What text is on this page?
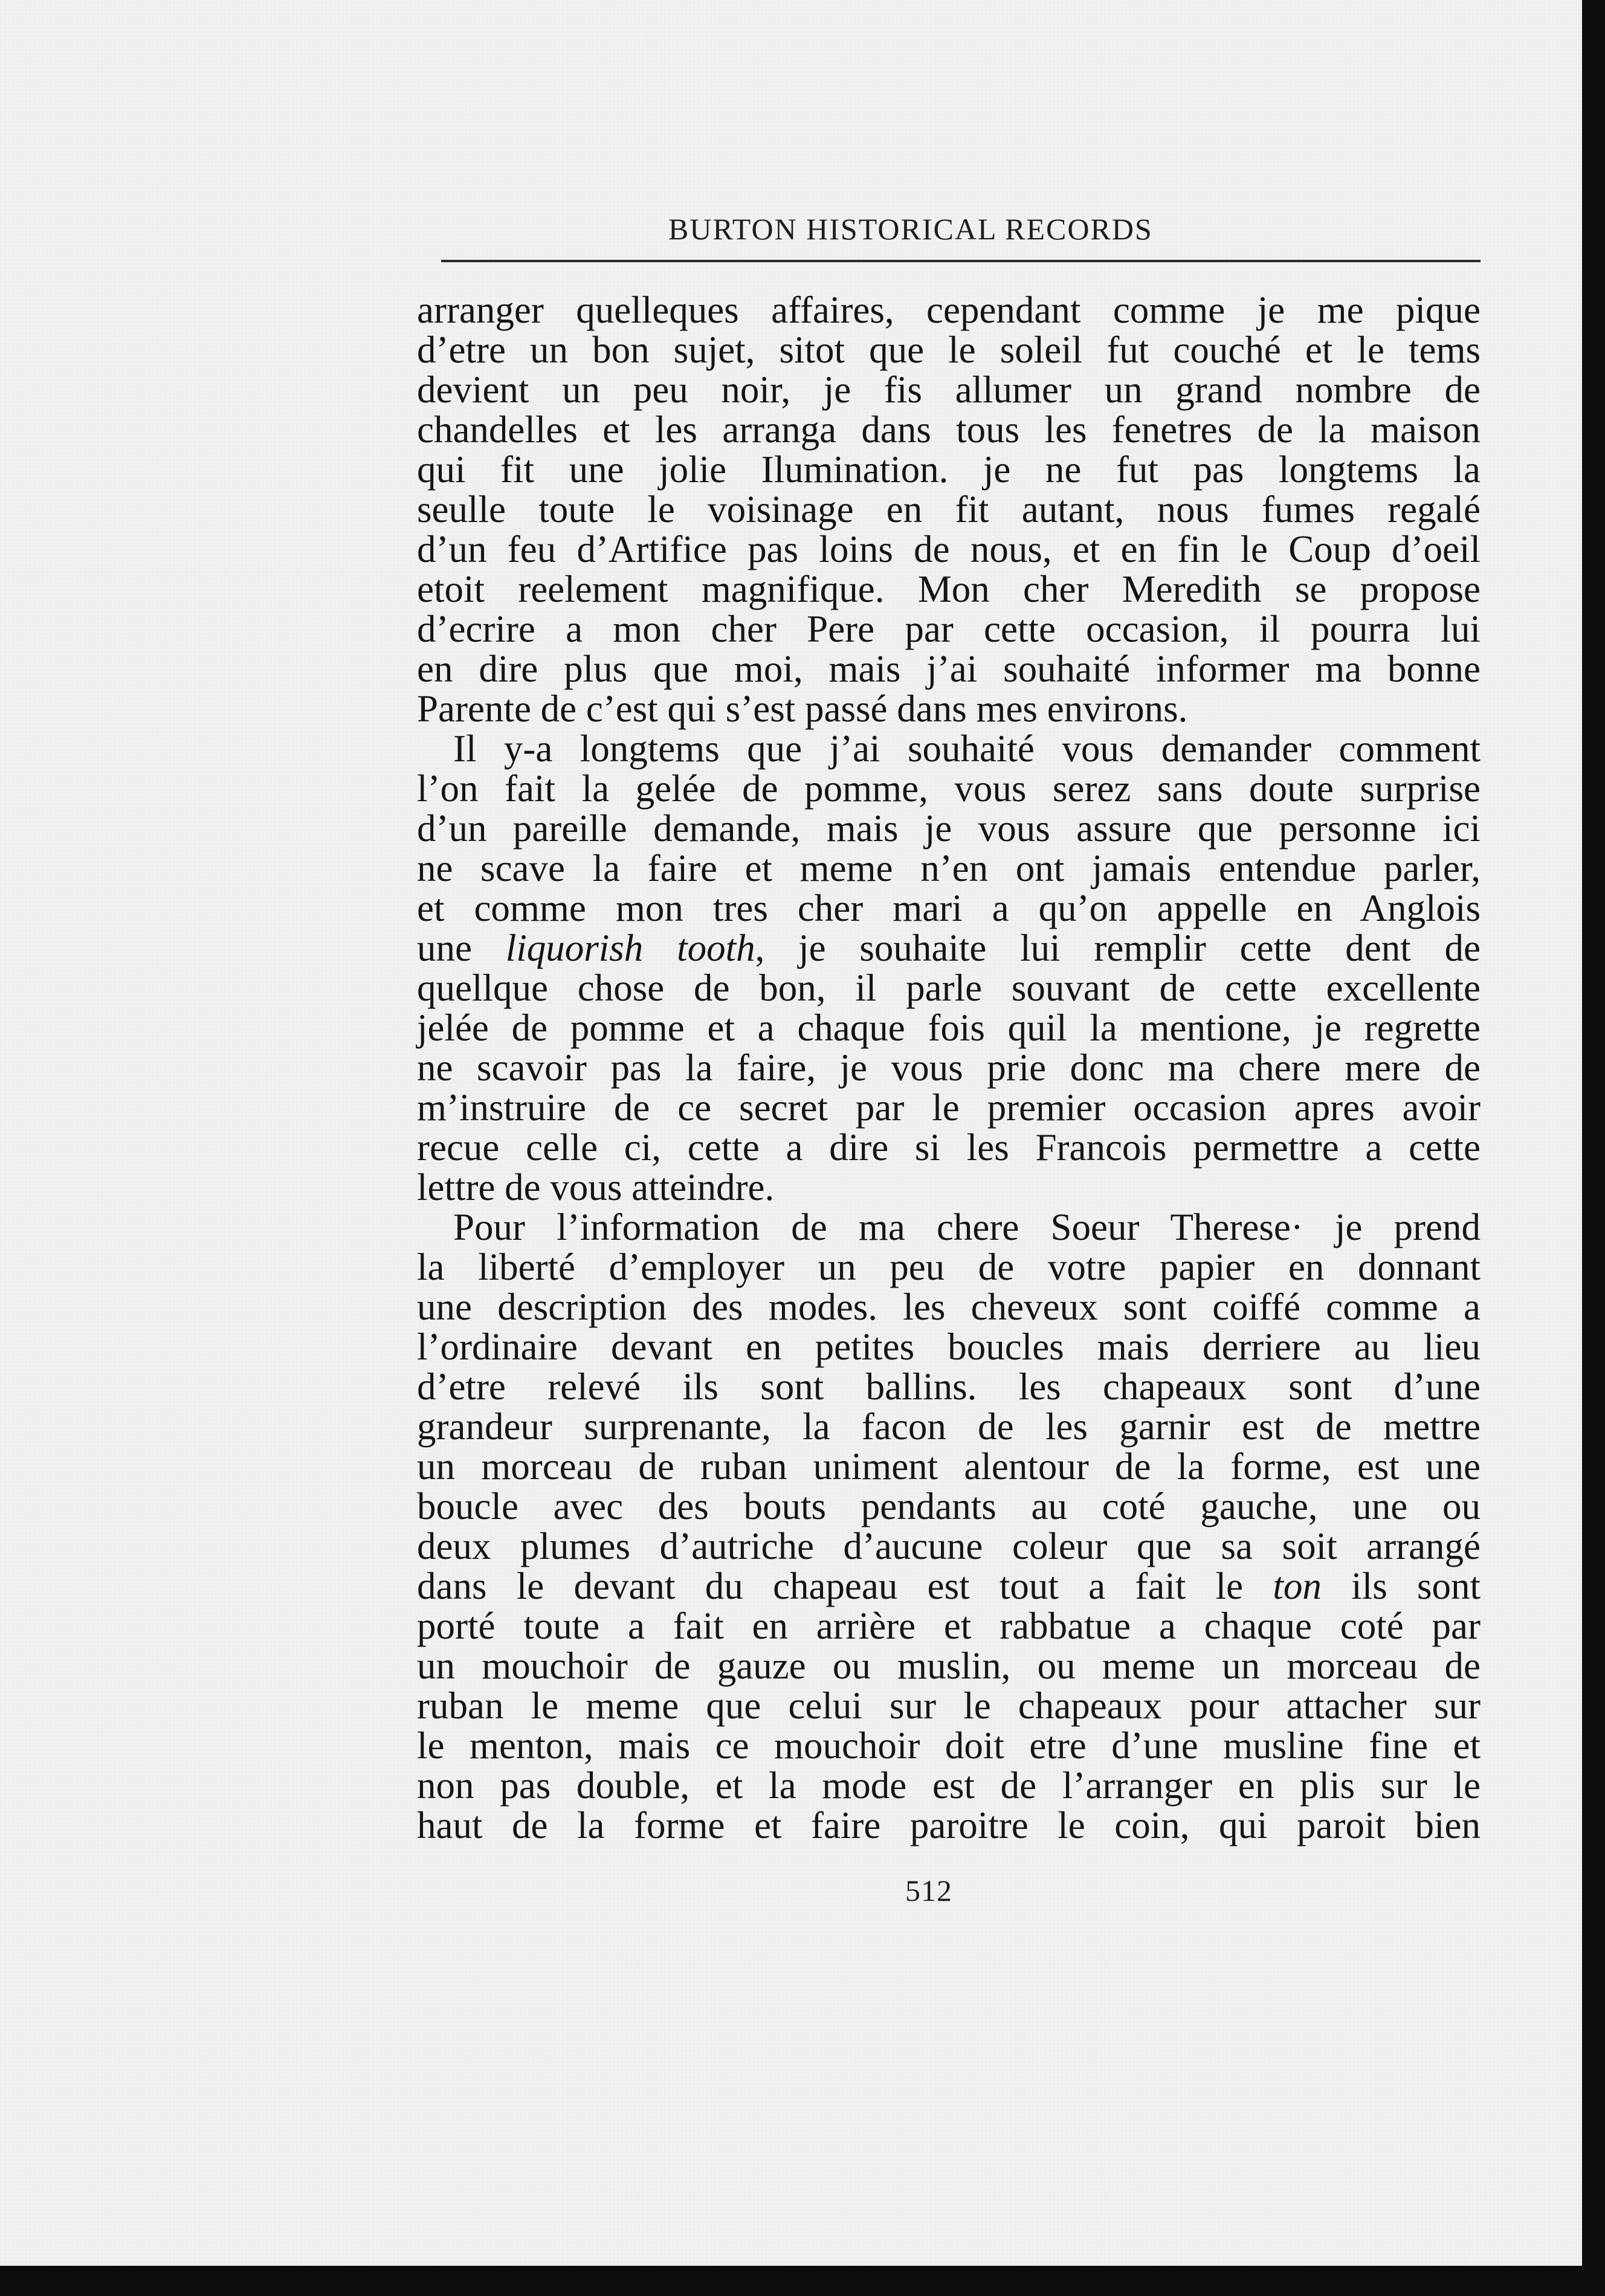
BURTON HISTORICAL RECORDS
arranger quelleques affaires, cependant comme je me pique
d’etre un bon sujet, sitot que le soleil fut couché et le tems
devient un peu noir, je fis allumer un grand nombre de
chandelles et les arranga dans tous les fenetres de la maison
qui fit une jolie Ilumination. je ne fut pas longtems la
seulle toute le voisinage en fit autant, nous fumes regalé
d’un feu d’Artifice pas loins de nous, et en fin le Coup d’oeil
etoit reelement magnifique. Mon cher Meredith se propose
d’ecrire a mon cher Pere par cette occasion, il pourra lui
en dire plus que moi, mais j’ai souhaité informer ma bonne
Parente de c’est qui s’est passé dans mes environs.
Il y-a longtems que j’ai souhaité vous demander comment
l’on fait la gelée de pomme, vous serez sans doute surprise
d’un pareille demande, mais je vous assure que personne ici
ne scave la faire et meme n’en ont jamais entendue parler,
et comme mon tres cher mari a qu’on appelle en Anglois
une liquorish tooth, je souhaite lui remplir cette dent de
quellque chose de bon, il parle souvant de cette excellente
jelée de pomme et a chaque fois quil la mentione, je regrette
ne scavoir pas la faire, je vous prie donc ma chere mere de
m’instruire de ce secret par le premier occasion apres avoir
recue celle ci, cette a dire si les Francois permettre a cette
lettre de vous atteindre.
Pour l’information de ma chere Soeur Therese· je prend
la liberté d’employer un peu de votre papier en donnant
une description des modes. les cheveux sont coiffé comme a
l’ordinaire devant en petites boucles mais derriere au lieu
d’etre relevé ils sont ballins. les chapeaux sont d’une
grandeur surprenante, la facon de les garnir est de mettre
un morceau de ruban uniment alentour de la forme, est une
boucle avec des bouts pendants au coté gauche, une ou
deux plumes d’autriche d’aucune coleur que sa soit arrangé
dans le devant du chapeau est tout a fait le ton ils sont
porté toute a fait en arrière et rabbatue a chaque coté par
un mouchoir de gauze ou muslin, ou meme un morceau de
ruban le meme que celui sur le chapeaux pour attacher sur
le menton, mais ce mouchoir doit etre d’une musline fine et
non pas double, et la mode est de l’arranger en plis sur le
haut de la forme et faire paroitre le coin, qui paroit bien
512
